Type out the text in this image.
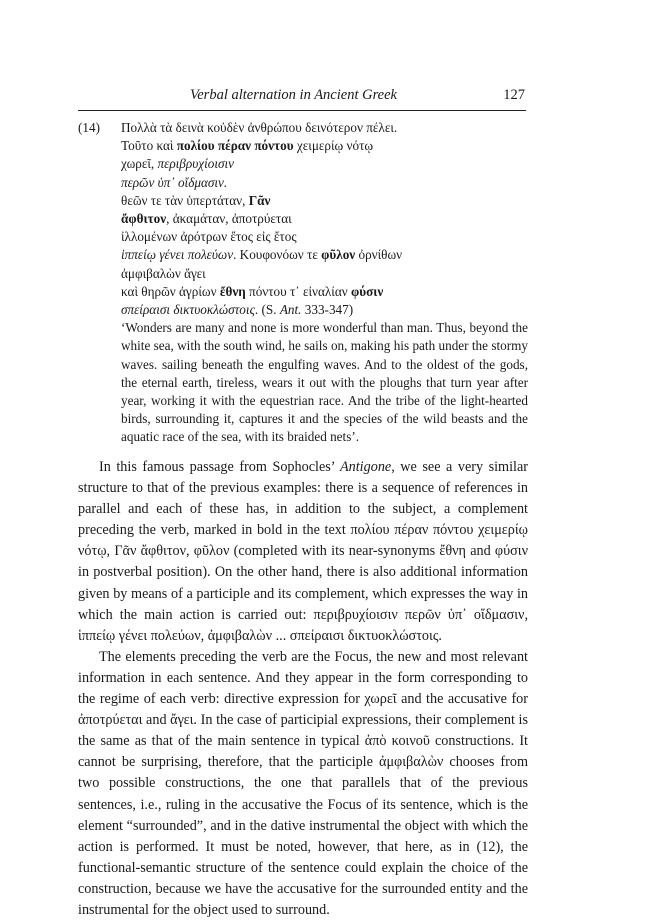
Verbal alternation in Ancient Greek	127
(14) Πολλὰ τὰ δεινὰ κοὐδὲν ἀνθρώπου δεινότερον πέλει.
Τοῦτο καὶ πολίου πέραν πόντου χειμερίῳ νότῳ
χωρεῖ, περιβρυχίοισιν
περῶν ὑπ᾽ οἴδμασιν.
θεῶν τε τὰν ὑπερτάταν, Γᾶν
ἄφθιτον, ἀκαμάταν, ἀποτρύεται
ἰλλομένων ἀρότρων ἔτος εἰς ἔτος
ἱππείῳ γένει πολεύων. Κουφονόων τε φῦλον ὀρνίθων
ἀμφιβαλὼν ἄγει
καὶ θηρῶν ἀγρίων ἔθνη πόντου τ᾽ εἰναλίαν φύσιν
σπείραισι δικτυοκλώστοις. (S. Ant. 333-347)
‘Wonders are many and none is more wonderful than man. Thus, beyond the white sea, with the south wind, he sails on, making his path under the stormy waves. sailing beneath the engulfing waves. And to the oldest of the gods, the eternal earth, tireless, wears it out with the ploughs that turn year after year, working it with the equestrian race. And the tribe of the light-hearted birds, surrounding it, captures it and the species of the wild beasts and the aquatic race of the sea, with its braided nets’.

In this famous passage from Sophocles’ Antigone, we see a very similar structure to that of the previous examples: there is a sequence of references in parallel and each of these has, in addition to the subject, a complement preceding the verb, marked in bold in the text πολίου πέραν πόντου χειμερίῳ νότῳ, Γᾶν ἄφθιτον, φῦλον (completed with its near-synonyms ἔθνη and φύσιν in postverbal position). On the other hand, there is also additional information given by means of a participle and its complement, which expresses the way in which the main action is carried out: περιβρυχίοισιν περῶν ὑπ᾽ οἴδμασιν, ἱππείῳ γένει πολεύων, ἀμφιβαλὼν ... σπείραισι δικτυοκλώστοις.

The elements preceding the verb are the Focus, the new and most relevant information in each sentence. And they appear in the form corresponding to the regime of each verb: directive expression for χωρεῖ and the accusative for ἀποτρύεται and ἄγει. In the case of participial expressions, their complement is the same as that of the main sentence in typical ἀπὸ κοινοῦ constructions. It cannot be surprising, therefore, that the participle ἀμφιβαλὼν chooses from two possible constructions, the one that parallels that of the previous sentences, i.e., ruling in the accusative the Focus of its sentence, which is the element “surrounded”, and in the dative instrumental the object with which the action is performed. It must be noted, however, that here, as in (12), the functional-semantic structure of the sentence could explain the choice of the construction, because we have the accusative for the surrounded entity and the instrumental for the object used to surround.
